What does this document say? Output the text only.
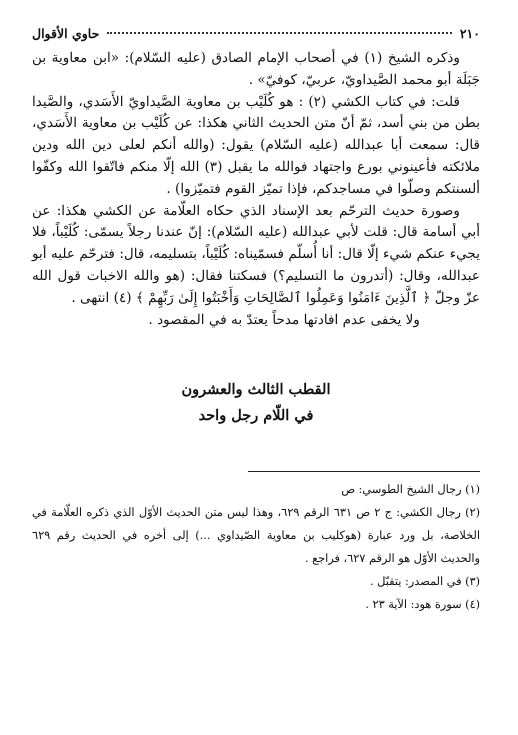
٢١٠
حاوي الأقوال

وذكره الشيخ (١) في أصحاب الإمام الصادق (عليه السّلام): «ابن معاوية بن جَبَلَة أبو محمد الصَّيداويّ، عربيّ، كوفيّ» .

قلت: في كتاب الكشي (٢) : هو كُلَيْب بن معاوية الصَّيداويّ الأَسَدي، والصَّيدا بطن من بني أسد، ثمّ أنّ متن الحديث الثاني هكذا: عن كُلَيْب بن معاوية الأَسَدي، قال: سمعت أبا عبدالله (عليه السّلام) يقول: (والله أنكم لعلى دين الله ودين ملائكته فأعينوني بورع واجتهاد فوالله ما يقبل (٣) الله إلّا منكم فاتّقوا الله وكفّوا ألسنتكم وصلّوا في مساجدكم، فإذا تميّز القوم فتميّزوا) .

وصورة حديث الترحّم بعد الإسناد الذي حكاه العلّامة عن الكشي هكذا: عن أبي أسامة قال: قلت لأبي عبدالله (عليه السّلام): إنّ عندنا رجلاً يسمّى: كُلَيْباً، فلا يجيء عنكم شيء إلّا قال: أنا أُسلّم فسمّيناه: كُلَيْباً، بتسليمه، قال: فترحّم عليه أبو عبدالله، وقال: (أتدرون ما التسليم؟) فسكتنا فقال: (هو والله الاخبات قول الله عزّ وجلّ ﴿ ٱلَّذِينَ ءَامَنُوا وَعَمِلُوا ٱلصَّالِحَاتِ وَأَخْبَتُوا إِلَىٰ رَبِّهِمْ ﴾ (٤) انتهى .

ولا يخفى عدم افادتها مدحاً يعتدّ به في المقصود .

القطب الثالث والعشرون
في اللّام رجل واحد

(١) رجال الشيخ الطوسي: ص

(٢) رجال الكشي: ج ٢ ص ٦٣١ الرقم ٦٢٩، وهذا ليس متن الحديث الأوّل الذي ذكره العلّامة في الخلاصة، بل ورد عبارة (هوكليب بن معاوية الصّيداوي ...) إلى أخره في الحديث رقم ٦٢٩ والحديث الأوّل هو الرقم ٦٢٧، فراجع .

(٣) في المصدر: يتقبّل .

(٤) سورة هود: الآية ٢٣ .
